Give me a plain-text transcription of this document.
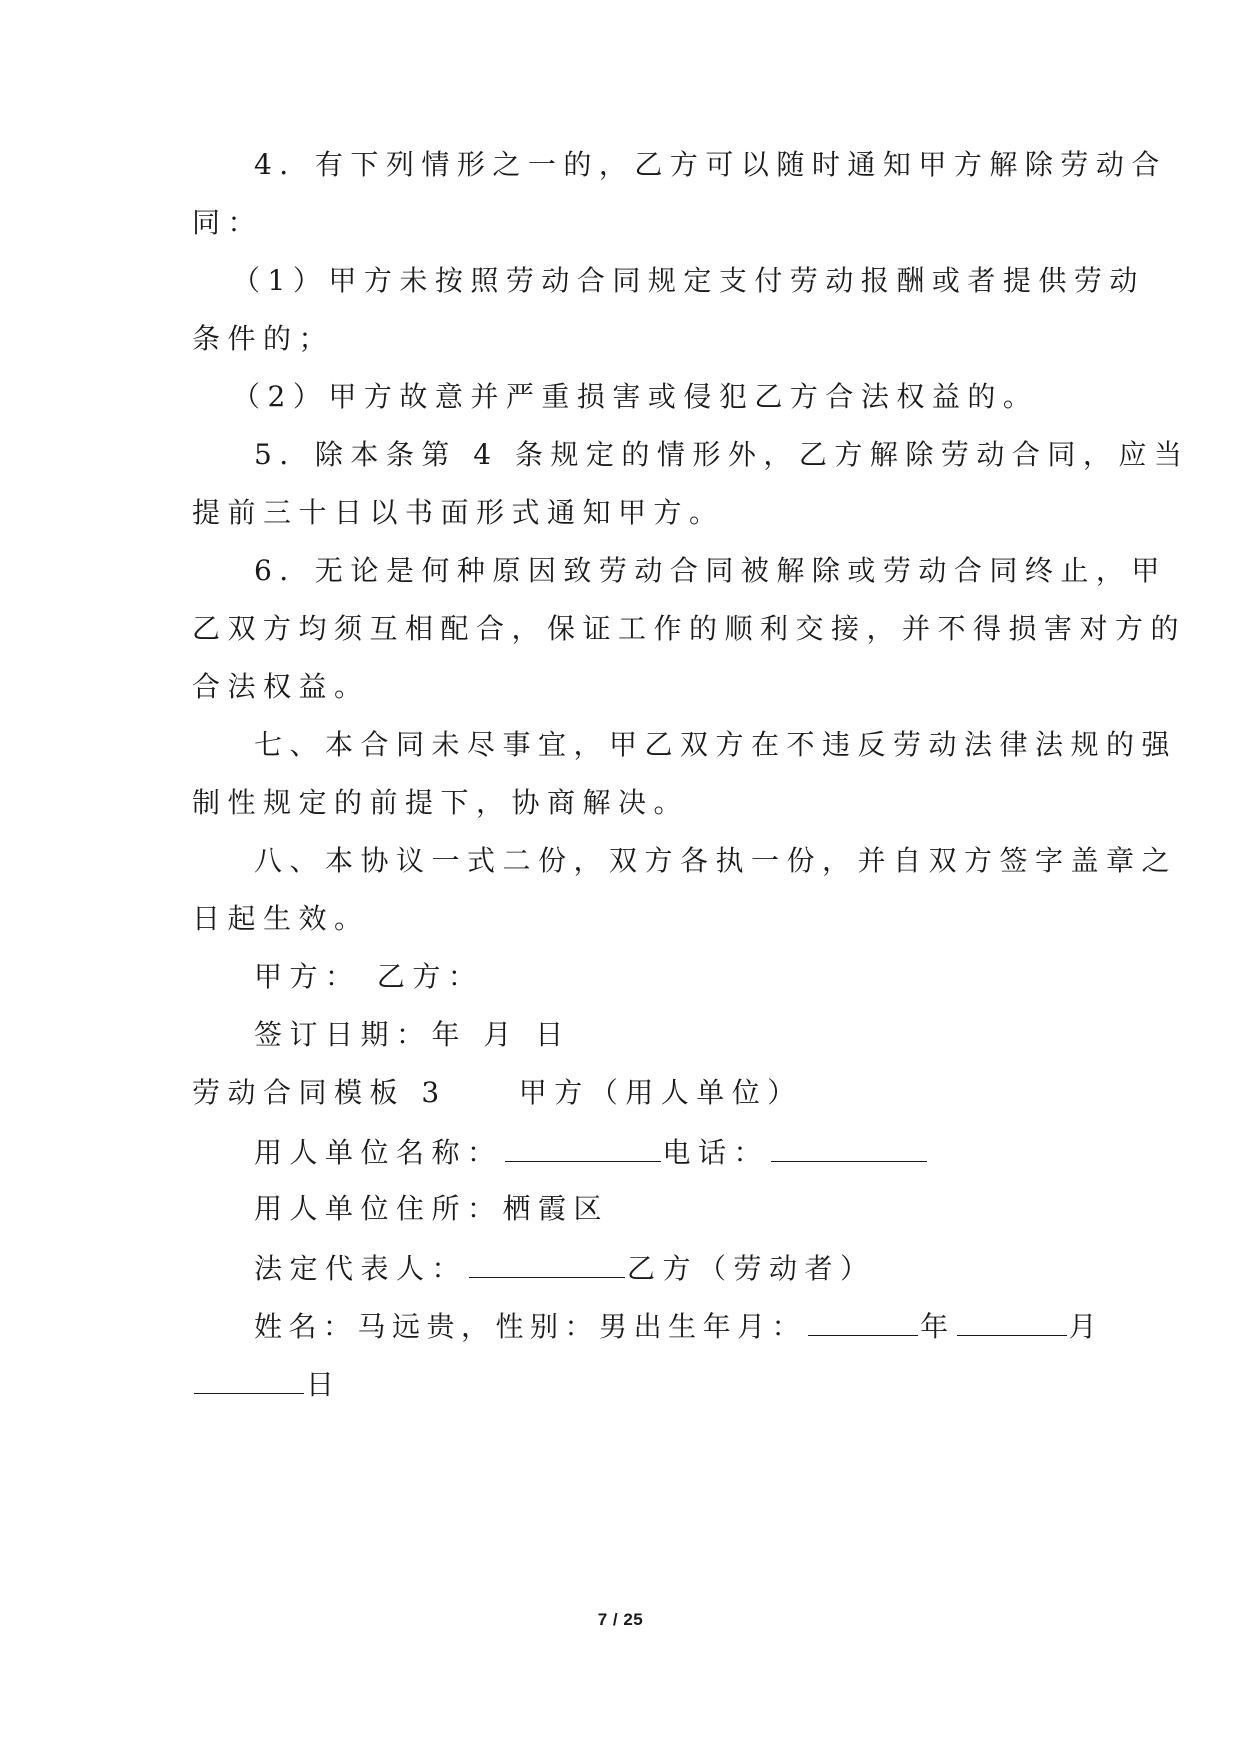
4．有下列情形之一的，乙方可以随时通知甲方解除劳动合
同：
（1）甲方未按照劳动合同规定支付劳动报酬或者提供劳动
条件的；
（2）甲方故意并严重损害或侵犯乙方合法权益的。
5．除本条第 4 条规定的情形外，乙方解除劳动合同，应当
提前三十日以书面形式通知甲方。
6．无论是何种原因致劳动合同被解除或劳动合同终止，甲
乙双方均须互相配合，保证工作的顺利交接，并不得损害对方的
合法权益。
七、本合同未尽事宜，甲乙双方在不违反劳动法律法规的强
制性规定的前提下，协商解决。
八、本协议一式二份，双方各执一份，并自双方签字盖章之
日起生效。
甲方： 乙方：
签订日期：年 月 日
劳动合同模板 3	甲方（用人单位）
用人单位名称：	电话：
用人单位住所：栖霞区
法定代表人：	乙方（劳动者）
姓名：马远贵，性别：男出生年月：	年	月
日
7 / 25
